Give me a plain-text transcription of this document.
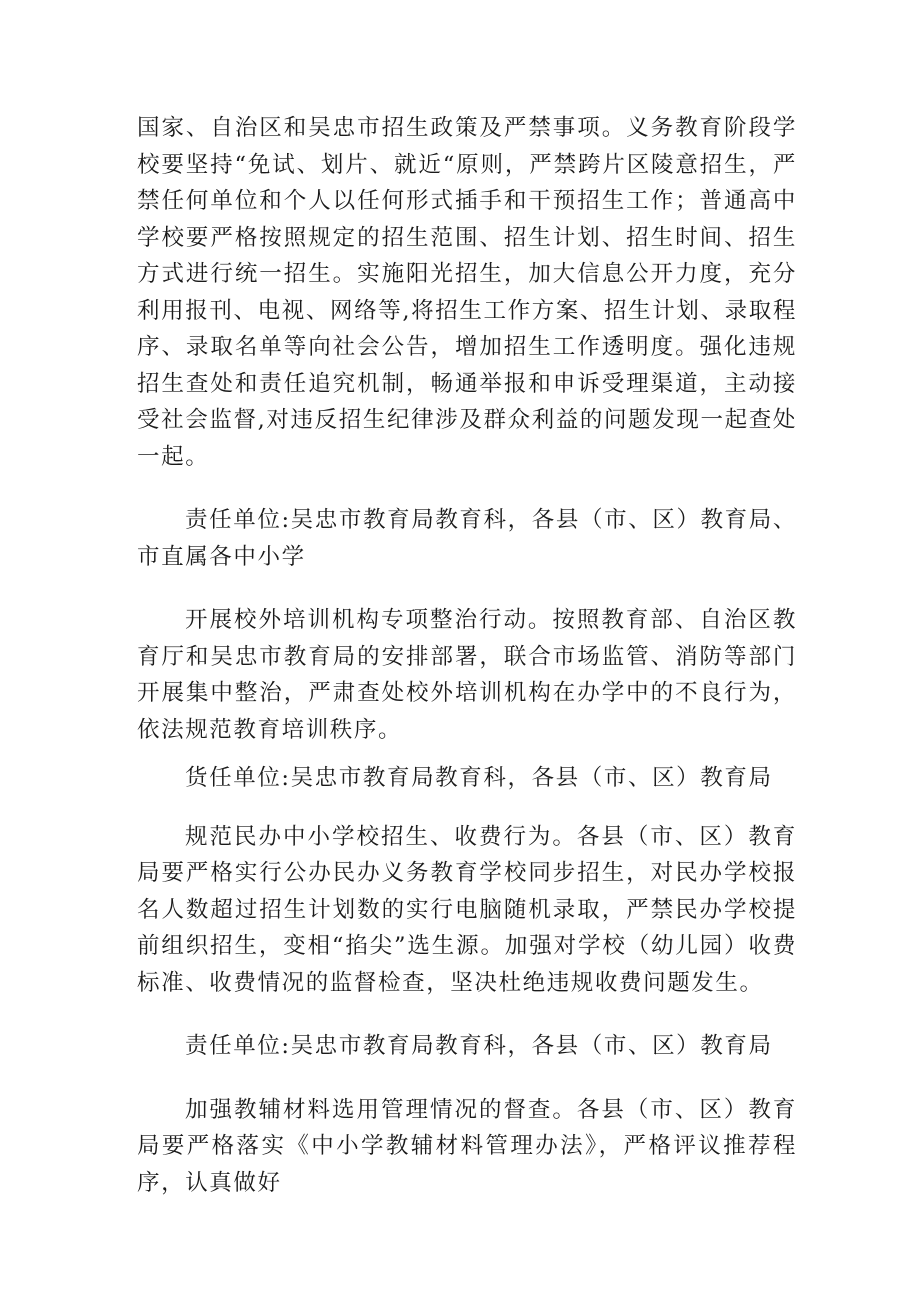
国家、自治区和吴忠市招生政策及严禁事项。义务教育阶段学校要坚持“免试、划片、就近“原则，严禁跨片区陵意招生，严禁任何单位和个人以任何形式插手和干预招生工作；普通高中学校要严格按照规定的招生范围、招生计划、招生时间、招生方式进行统一招生。实施阳光招生，加大信息公开力度，充分利用报刊、电视、网络等,将招生工作方案、招生计划、录取程序、录取名单等向社会公告，增加招生工作透明度。强化违规招生查处和责任追究机制，畅通举报和申诉受理渠道，主动接受社会监督,对违反招生纪律涉及群众利益的问题发现一起查处一起。

责任单位:吴忠市教育局教育科，各县（市、区）教育局、市直属各中小学

开展校外培训机构专项整治行动。按照教育部、自治区教育厅和吴忠市教育局的安排部署，联合市场监管、消防等部门开展集中整治，严肃查处校外培训机构在办学中的不良行为，依法规范教育培训秩序。

货任单位:吴忠市教育局教育科，各县（市、区）教育局

规范民办中小学校招生、收费行为。各县（市、区）教育局要严格实行公办民办义务教育学校同步招生，对民办学校报名人数超过招生计划数的实行电脑随机录取，严禁民办学校提前组织招生，变相“掐尖”选生源。加强对学校（幼儿园）收费标准、收费情况的监督检查，坚决杜绝违规收费问题发生。

责任单位:吴忠市教育局教育科，各县（市、区）教育局

加强教辅材料选用管理情况的督查。各县（市、区）教育局要严格落实《中小学教辅材料管理办法》，严格评议推荐程序，认真做好
